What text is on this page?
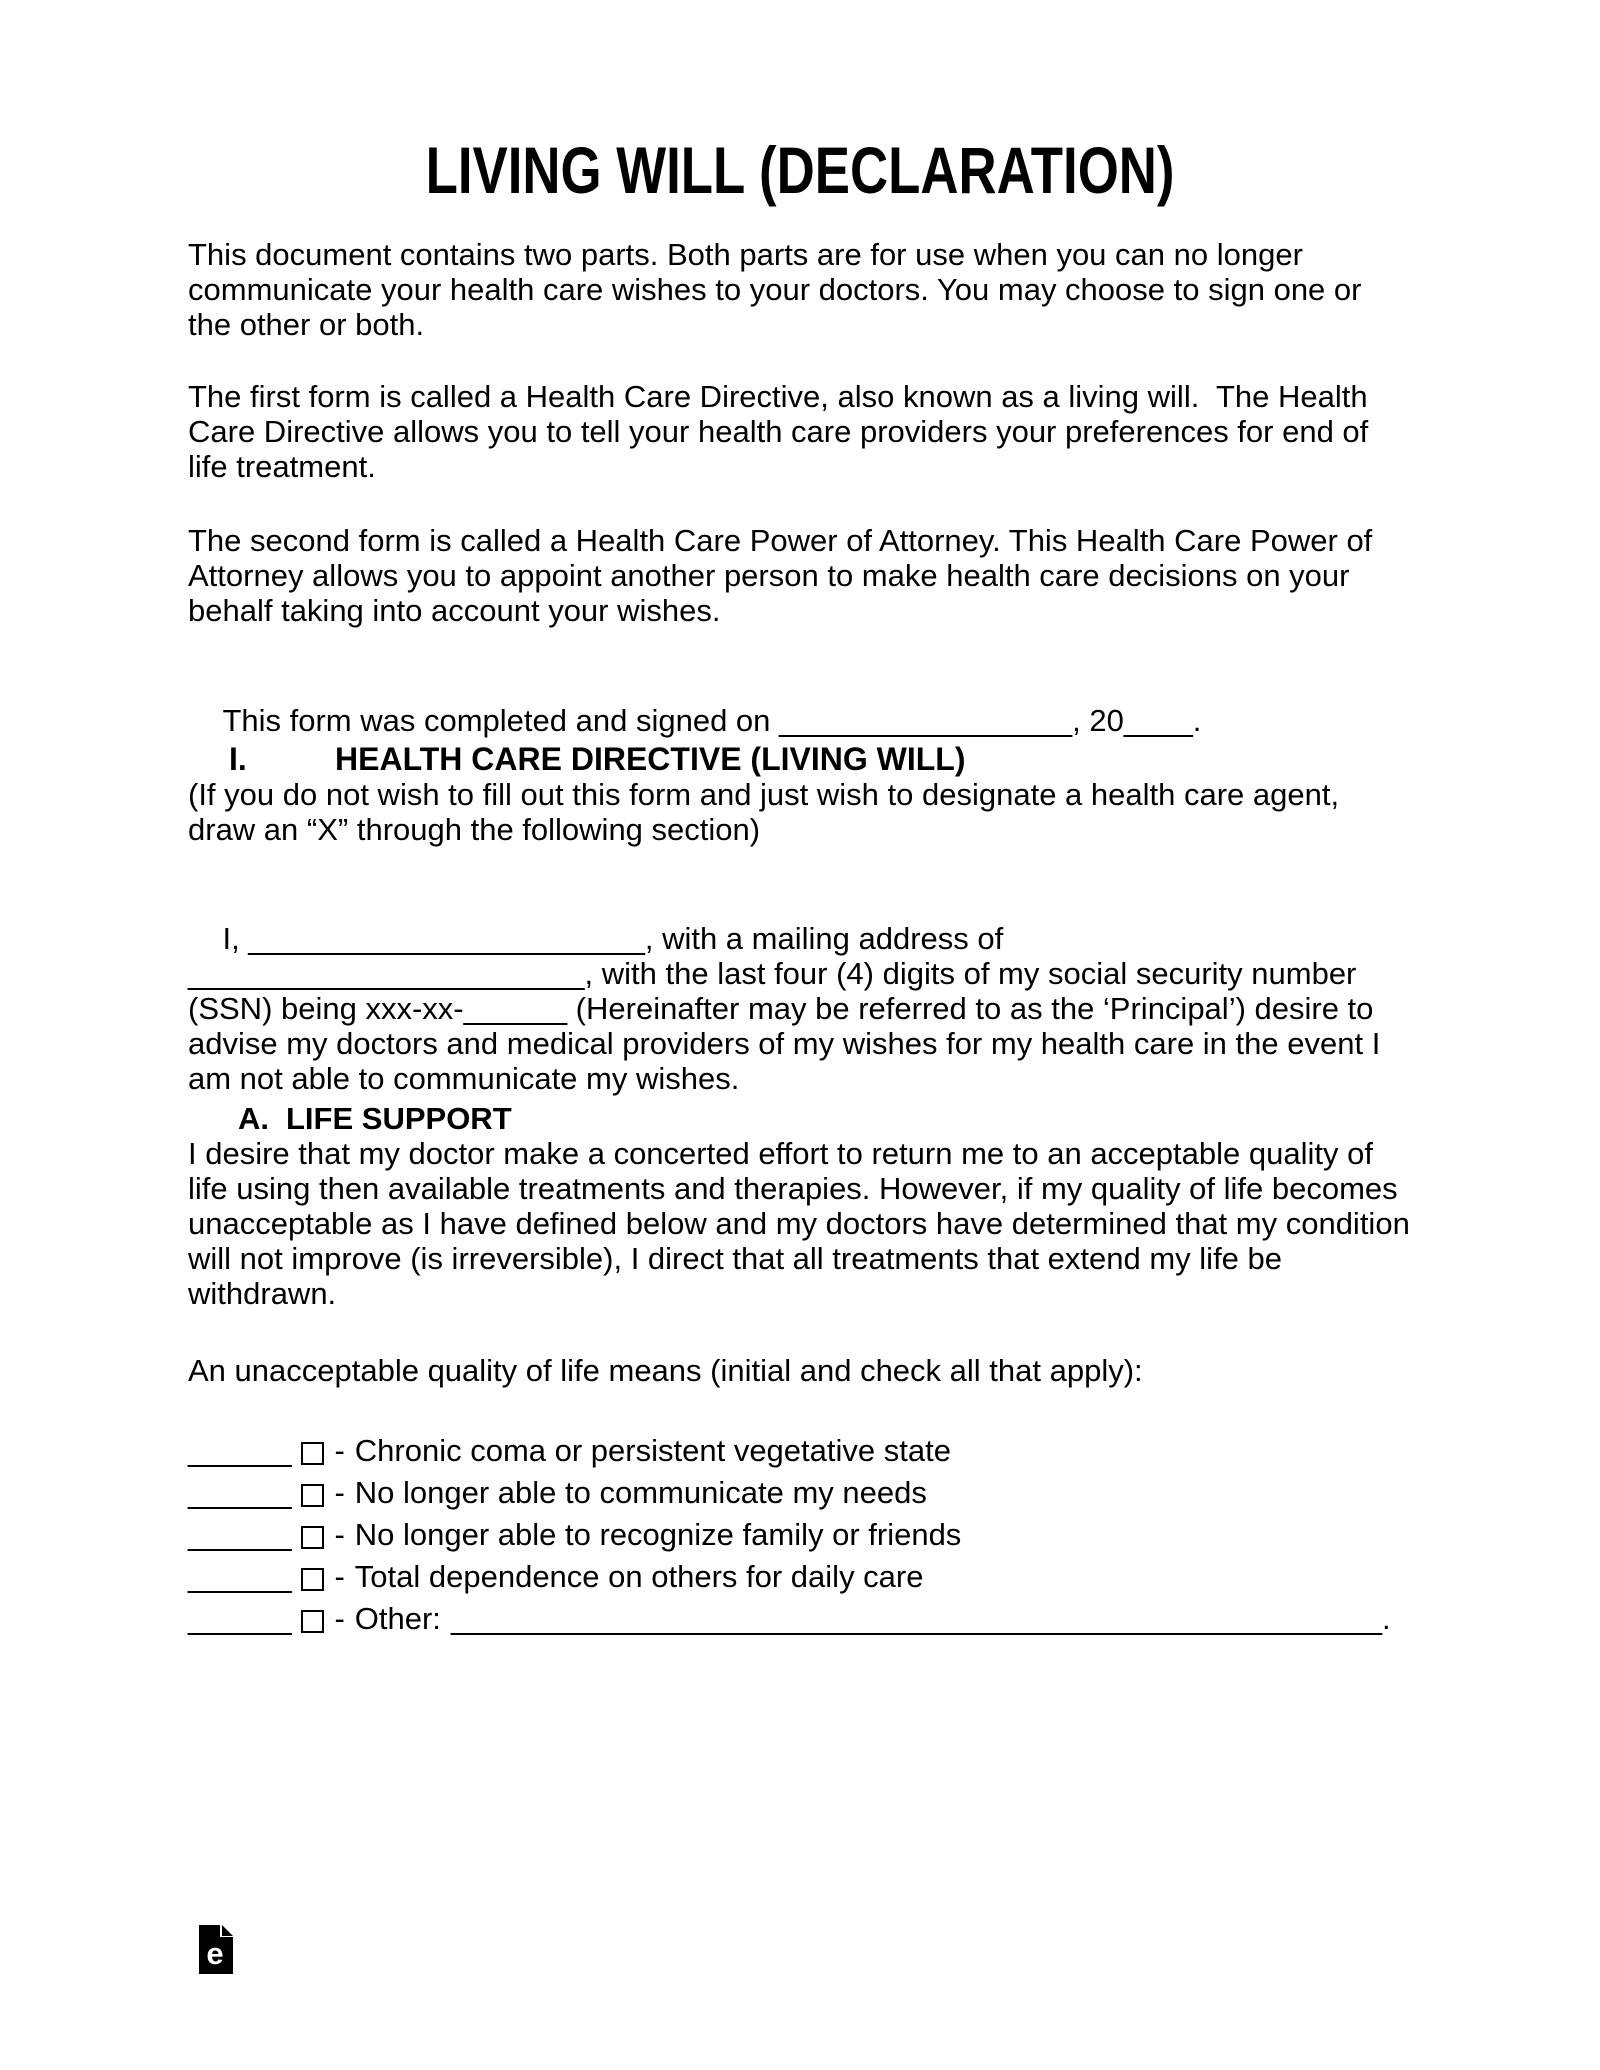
LIVING WILL (DECLARATION)

This document contains two parts. Both parts are for use when you can no longer communicate your health care wishes to your doctors. You may choose to sign one or the other or both.

The first form is called a Health Care Directive, also known as a living will.  The Health Care Directive allows you to tell your health care providers your preferences for end of life treatment.

The second form is called a Health Care Power of Attorney. This Health Care Power of Attorney allows you to appoint another person to make health care decisions on your behalf taking into account your wishes.

This form was completed and signed on _________________, 20____.

I.	HEALTH CARE DIRECTIVE (LIVING WILL)

(If you do not wish to fill out this form and just wish to designate a health care agent, draw an “X” through the following section)

I, _______________________, with a mailing address of _______________________, with the last four (4) digits of my social security number (SSN) being xxx-xx-______ (Hereinafter may be referred to as the ‘Principal’) desire to advise my doctors and medical providers of my wishes for my health care in the event I am not able to communicate my wishes.

A. LIFE SUPPORT

I desire that my doctor make a concerted effort to return me to an acceptable quality of life using then available treatments and therapies. However, if my quality of life becomes unacceptable as I have defined below and my doctors have determined that my condition will not improve (is irreversible), I direct that all treatments that extend my life be withdrawn.

An unacceptable quality of life means (initial and check all that apply):

______ - Chronic coma or persistent vegetative state
______ - No longer able to communicate my needs
______ - No longer able to recognize family or friends
______ - Total dependence on others for daily care
______ - Other: ______________________________________________________.
e
